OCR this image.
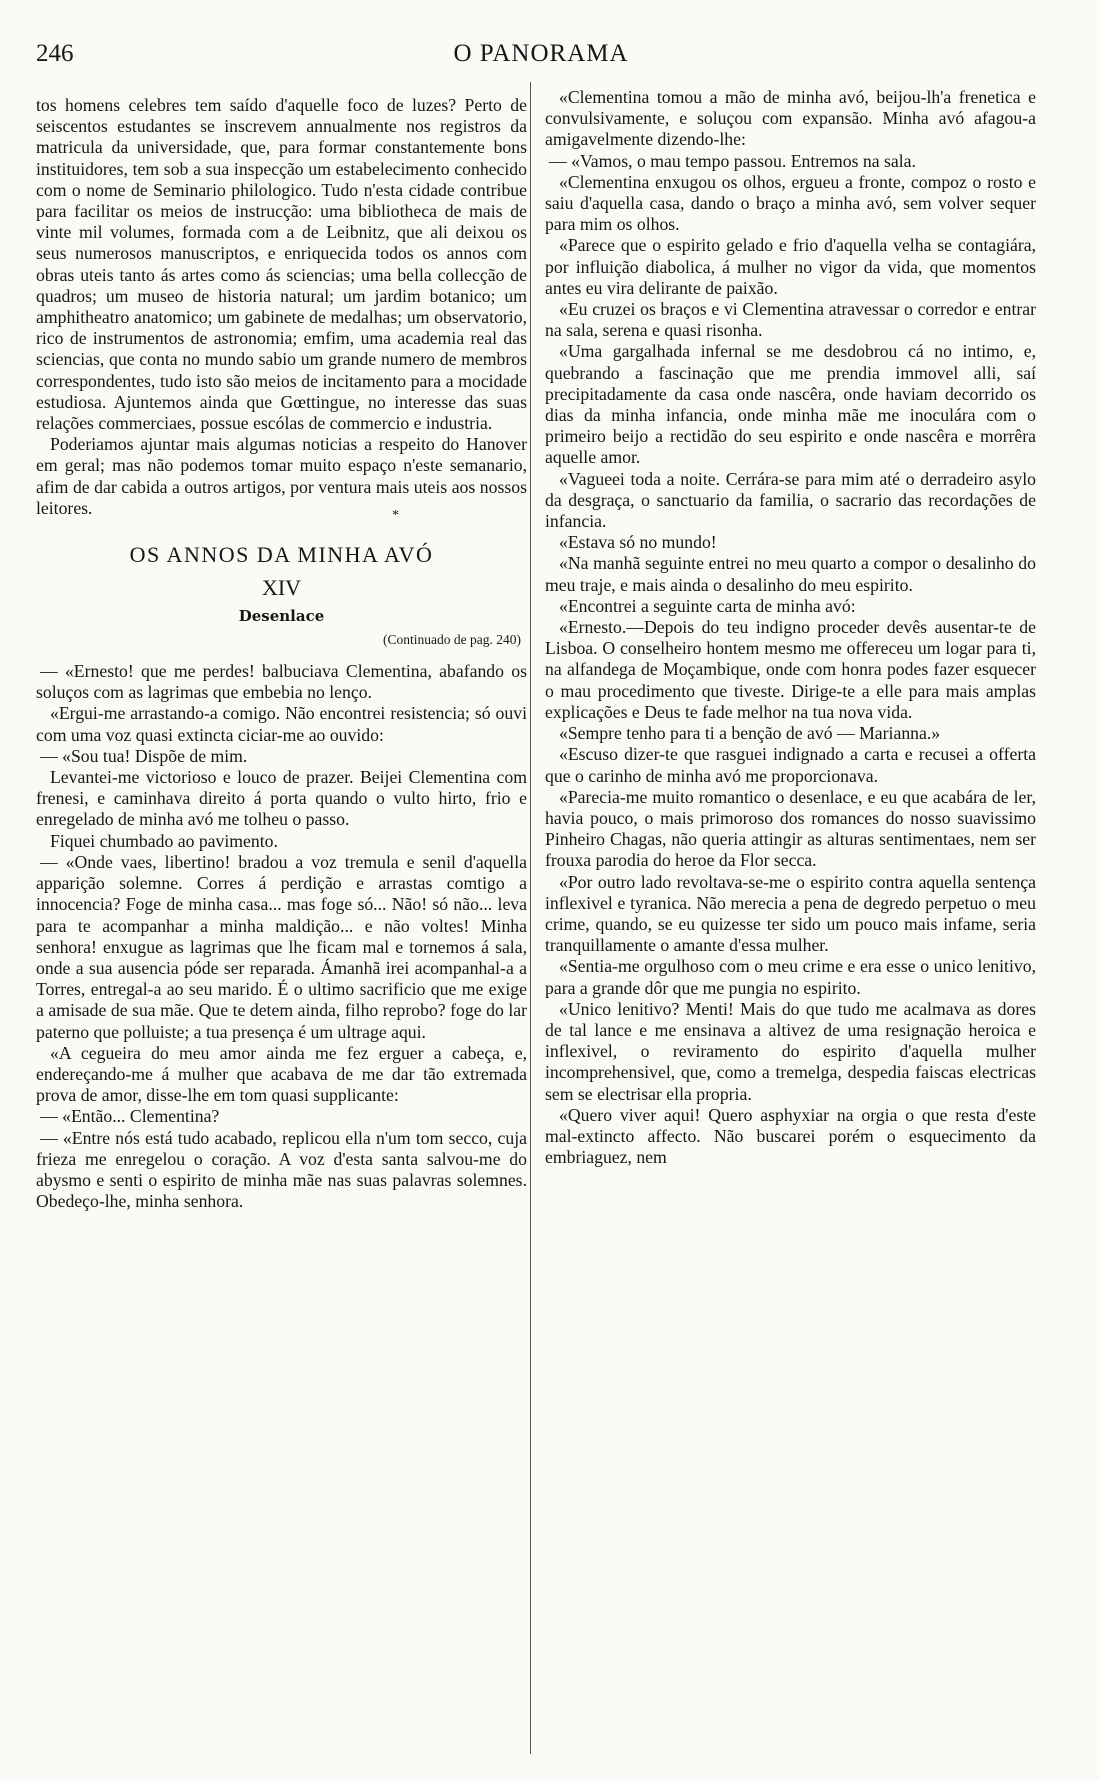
246	O PANORAMA

tos homens celebres tem saído d'aquelle foco de luzes? Perto de seiscentos estudantes se inscrevem annualmente nos registros da matricula da universidade, que, para formar constantemente bons instituidores, tem sob a sua inspecção um estabelecimento conhecido com o nome de Seminario philologico. Tudo n'esta cidade contribue para facilitar os meios de instrucção: uma bibliotheca de mais de vinte mil volumes, formada com a de Leibnitz, que ali deixou os seus numerosos manuscriptos, e enriquecida todos os annos com obras uteis tanto ás artes como ás sciencias; uma bella collecção de quadros; um museo de historia natural; um jardim botanico; um amphitheatro anatomico; um gabinete de medalhas; um observatorio, rico de instrumentos de astronomia; emfim, uma academia real das sciencias, que conta no mundo sabio um grande numero de membros correspondentes, tudo isto são meios de incitamento para a mocidade estudiosa. Ajuntemos ainda que Gœttingue, no interesse das suas relações commerciaes, possue escólas de commercio e industria.

Poderiamos ajuntar mais algumas noticias a respeito do Hanover em geral; mas não podemos tomar muito espaço n'este semanario, afim de dar cabida a outros artigos, por ventura mais uteis aos nossos leitores.	*
OS ANNOS DA MINHA AVÓ
XIV
Desenlace
(Continuado de pag. 240)

— «Ernesto! que me perdes! balbuciava Clementina, abafando os soluços com as lagrimas que embebia no lenço.

«Ergui-me arrastando-a comigo. Não encontrei resistencia; só ouvi com uma voz quasi extincta ciciar-me ao ouvido:

— «Sou tua! Dispõe de mim.

Levantei-me victorioso e louco de prazer. Beijei Clementina com frenesi, e caminhava direito á porta quando o vulto hirto, frio e enregelado de minha avó me tolheu o passo.

Fiquei chumbado ao pavimento.

— «Onde vaes, libertino! bradou a voz tremula e senil d'aquella apparição solemne. Corres á perdição e arrastas comtigo a innocencia? Foge de minha casa... mas foge só... Não! só não... leva para te acompanhar a minha maldição... e não voltes! Minha senhora! enxugue as lagrimas que lhe ficam mal e tornemos á sala, onde a sua ausencia póde ser reparada. Ámanhã irei acompanhal-a a Torres, entregal-a ao seu marido. É o ultimo sacrificio que me exige a amisade de sua mãe. Que te detem ainda, filho reprobo? foge do lar paterno que polluiste; a tua presença é um ultrage aqui.

«A cegueira do meu amor ainda me fez erguer a cabeça, e, endereçando-me á mulher que acabava de me dar tão extremada prova de amor, disse-lhe em tom quasi supplicante:

— «Então... Clementina?

— «Entre nós está tudo acabado, replicou ella n'um tom secco, cuja frieza me enregelou o coração. A voz d'esta santa salvou-me do abysmo e senti o espirito de minha mãe nas suas palavras solemnes. Obedeço-lhe, minha senhora.

«Clementina tomou a mão de minha avó, beijou-lh'a frenetica e convulsivamente, e soluçou com expansão. Minha avó afagou-a amigavelmente dizendo-lhe:

— «Vamos, o mau tempo passou. Entremos na sala.

«Clementina enxugou os olhos, ergueu a fronte, compoz o rosto e saiu d'aquella casa, dando o braço a minha avó, sem volver sequer para mim os olhos.

«Parece que o espirito gelado e frio d'aquella velha se contagiára, por influição diabolica, á mulher no vigor da vida, que momentos antes eu vira delirante de paixão.

«Eu cruzei os braços e vi Clementina atravessar o corredor e entrar na sala, serena e quasi risonha.

«Uma gargalhada infernal se me desdobrou cá no intimo, e, quebrando a fascinação que me prendia immovel alli, saí precipitadamente da casa onde nascêra, onde haviam decorrido os dias da minha infancia, onde minha mãe me inoculára com o primeiro beijo a rectidão do seu espirito e onde nascêra e morrêra aquelle amor.

«Vagueei toda a noite. Cerrára-se para mim até o derradeiro asylo da desgraça, o sanctuario da familia, o sacrario das recordações de infancia.

«Estava só no mundo!

«Na manhã seguinte entrei no meu quarto a compor o desalinho do meu traje, e mais ainda o desalinho do meu espirito.

«Encontrei a seguinte carta de minha avó:

«Ernesto.—Depois do teu indigno proceder devês ausentar-te de Lisboa. O conselheiro hontem mesmo me offereceu um logar para ti, na alfandega de Moçambique, onde com honra podes fazer esquecer o mau procedimento que tiveste. Dirige-te a elle para mais amplas explicações e Deus te fade melhor na tua nova vida.

«Sempre tenho para ti a benção de avó — Marianna.»

«Escuso dizer-te que rasguei indignado a carta e recusei a offerta que o carinho de minha avó me proporcionava.

«Parecia-me muito romantico o desenlace, e eu que acabára de ler, havia pouco, o mais primoroso dos romances do nosso suavissimo Pinheiro Chagas, não queria attingir as alturas sentimentaes, nem ser frouxa parodia do heroe da Flor secca.

«Por outro lado revoltava-se-me o espirito contra aquella sentença inflexivel e tyranica. Não merecia a pena de degredo perpetuo o meu crime, quando, se eu quizesse ter sido um pouco mais infame, seria tranquillamente o amante d'essa mulher.

«Sentia-me orgulhoso com o meu crime e era esse o unico lenitivo, para a grande dôr que me pungia no espirito.

«Unico lenitivo? Menti! Mais do que tudo me acalmava as dores de tal lance e me ensinava a altivez de uma resignação heroica e inflexivel, o reviramento do espirito d'aquella mulher incomprehensivel, que, como a tremelga, despedia faiscas electricas sem se electrisar ella propria.

«Quero viver aqui! Quero asphyxiar na orgia o que resta d'este mal-extincto affecto. Não buscarei porém o esquecimento da embriaguez, nem
